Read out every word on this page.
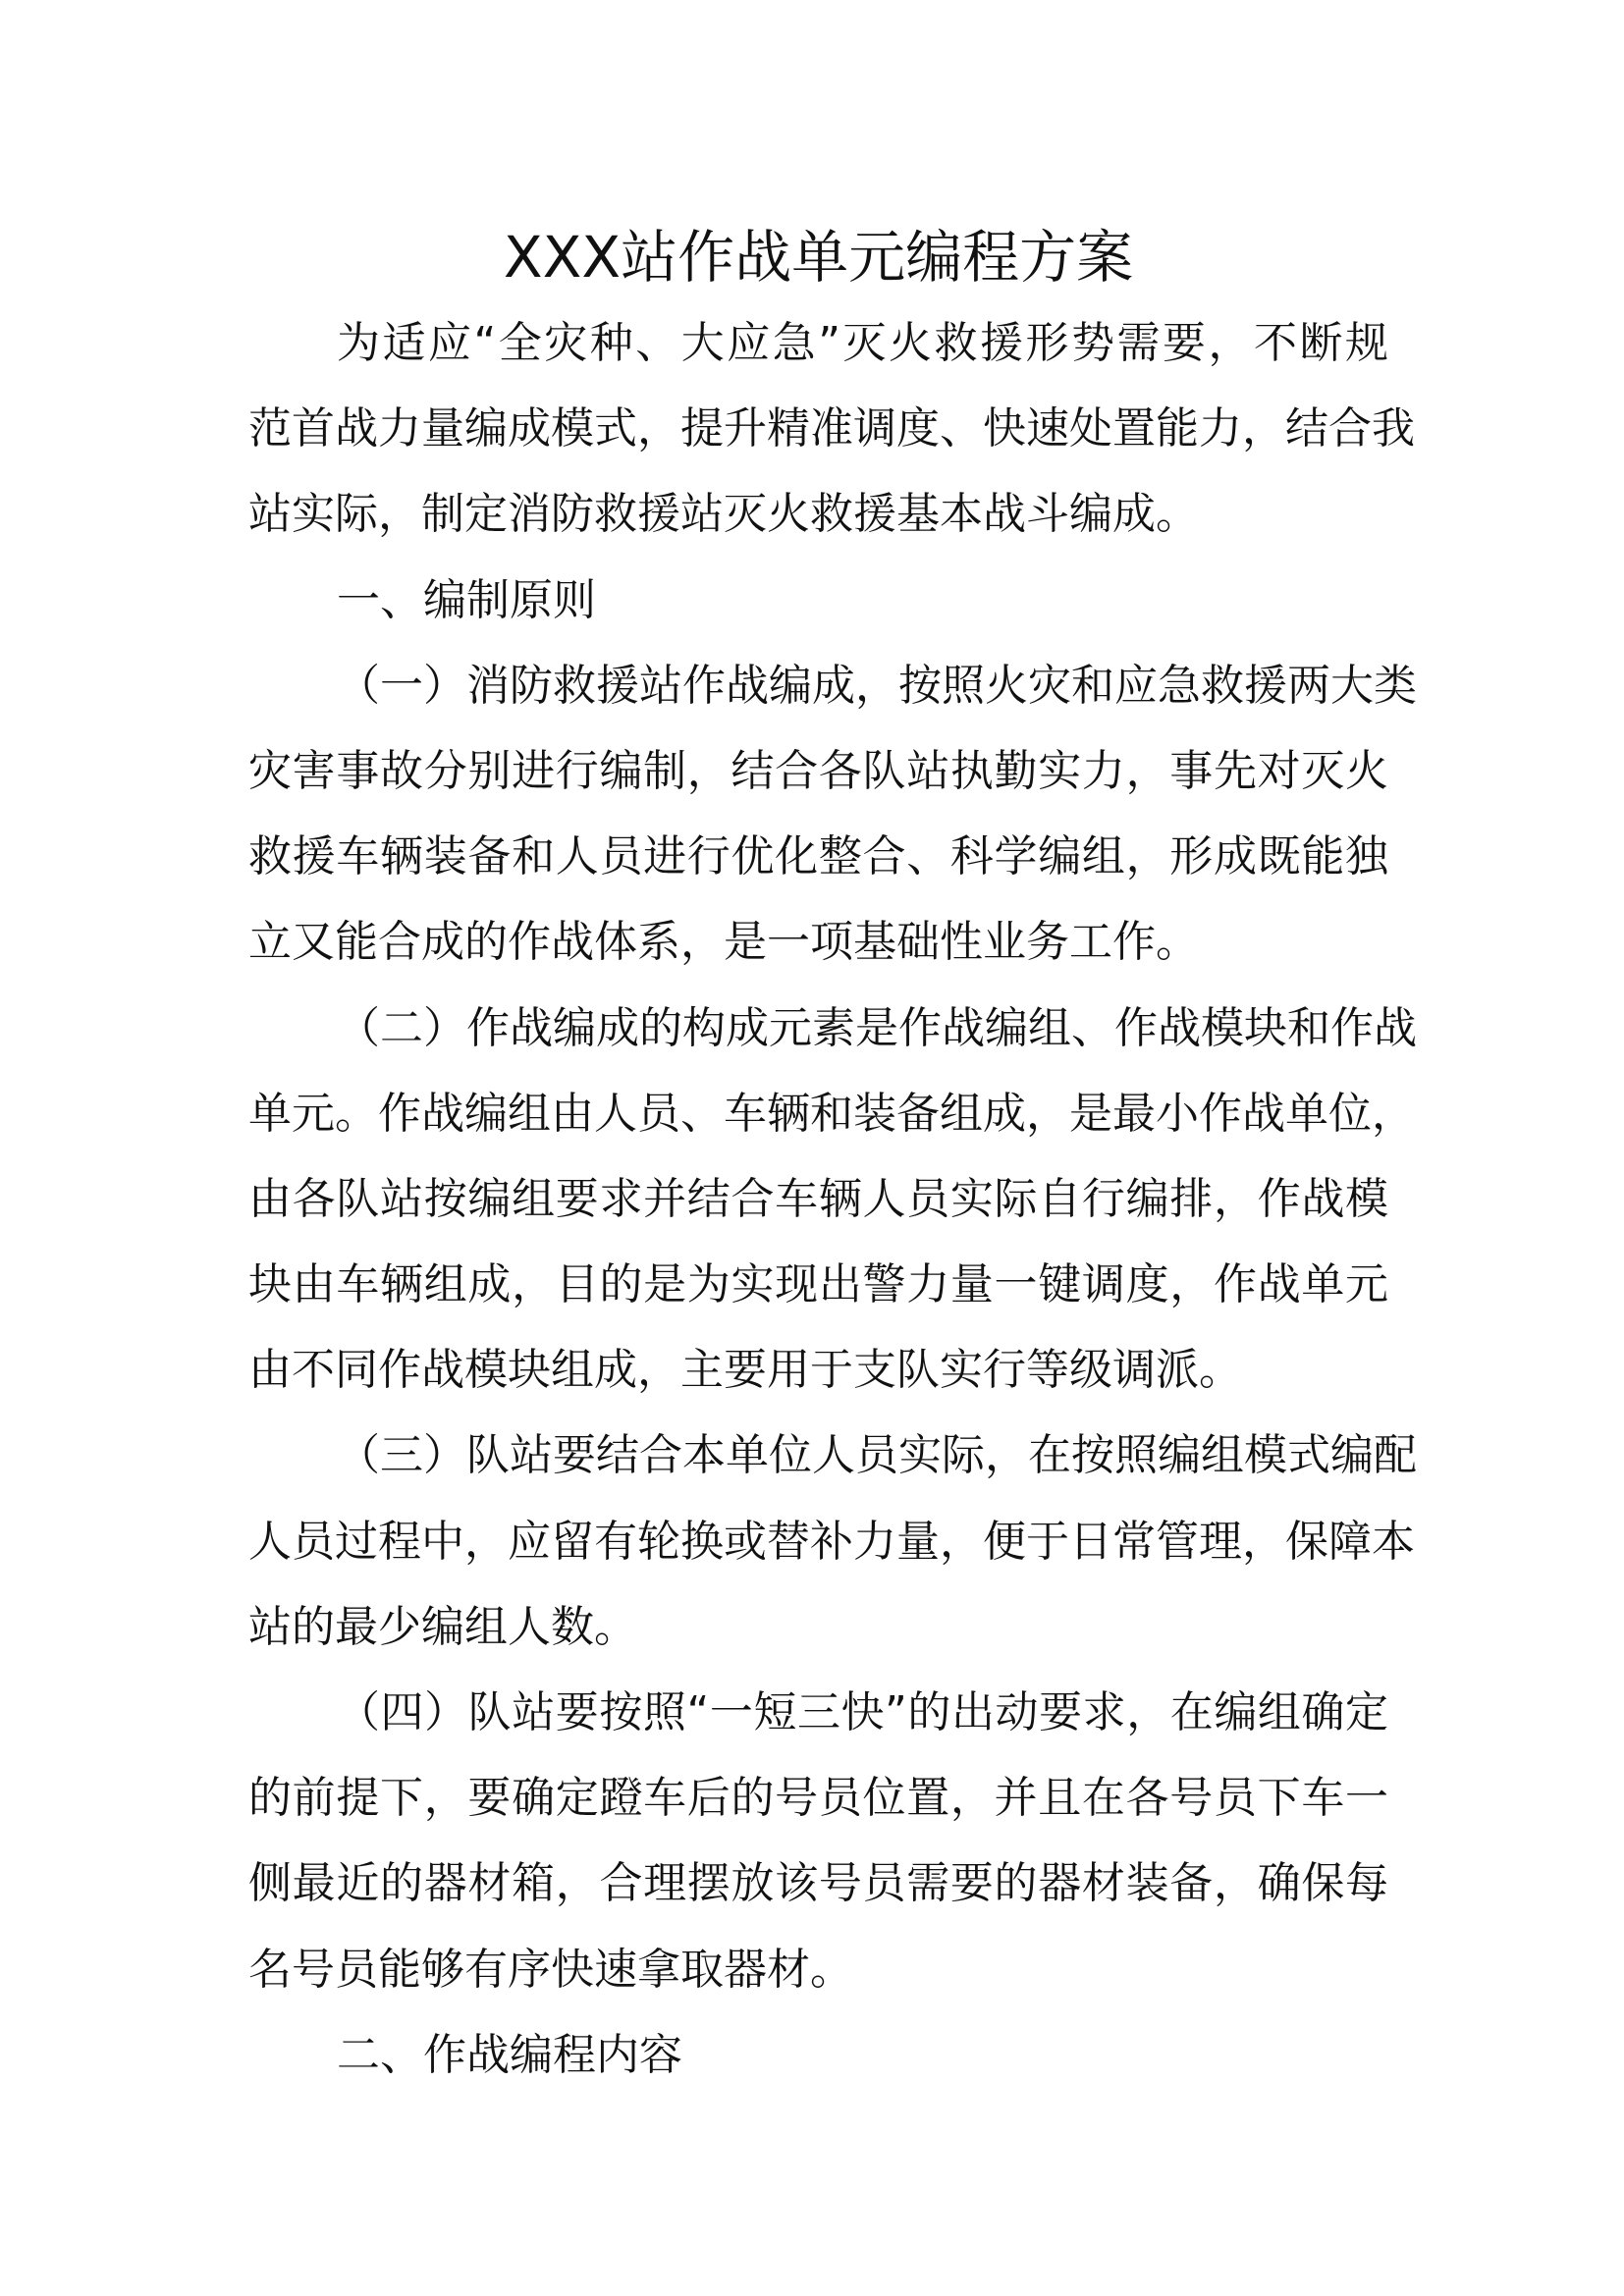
XXX站作战单元编程方案
为适应“全灾种、大应急”灭火救援形势需要，不断规
范首战力量编成模式，提升精准调度、快速处置能力，结合我
站实际，制定消防救援站灭火救援基本战斗编成。
一、编制原则
（一）消防救援站作战编成，按照火灾和应急救援两大类
灾害事故分别进行编制，结合各队站执勤实力，事先对灭火
救援车辆装备和人员进行优化整合、科学编组，形成既能独
立又能合成的作战体系，是一项基础性业务工作。
（二）作战编成的构成元素是作战编组、作战模块和作战
单元。作战编组由人员、车辆和装备组成，是最小作战单位，
由各队站按编组要求并结合车辆人员实际自行编排，作战模
块由车辆组成，目的是为实现出警力量一键调度，作战单元
由不同作战模块组成，主要用于支队实行等级调派。
（三）队站要结合本单位人员实际，在按照编组模式编配
人员过程中，应留有轮换或替补力量，便于日常管理，保障本
站的最少编组人数。
（四）队站要按照“一短三快”的出动要求，在编组确定
的前提下，要确定蹬车后的号员位置，并且在各号员下车一
侧最近的器材箱，合理摆放该号员需要的器材装备，确保每
名号员能够有序快速拿取器材。
二、作战编程内容
